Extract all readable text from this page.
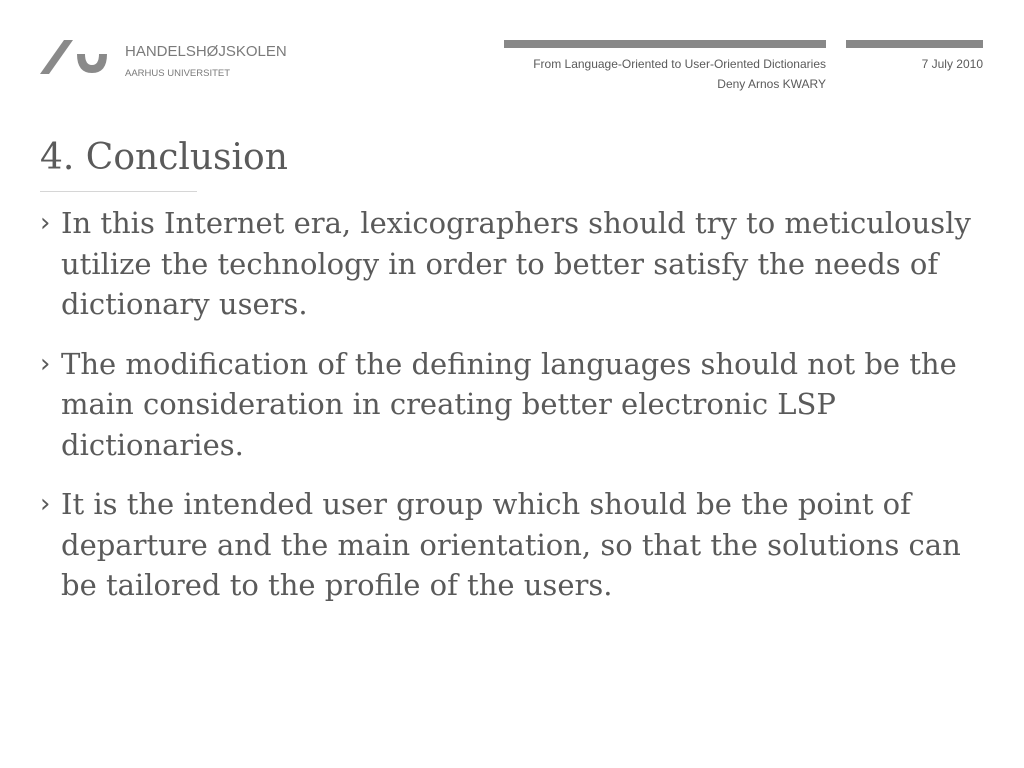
HANDELSHØJSKOLEN
AARHUS UNIVERSITET
From Language-Oriented to User-Oriented Dictionaries
Deny Arnos KWARY
7 July 2010
4. Conclusion
› In this Internet era, lexicographers should try to meticulously utilize the technology in order to better satisfy the needs of dictionary users.
› The modification of the defining languages should not be the main consideration in creating better electronic LSP dictionaries.
› It is the intended user group which should be the point of departure and the main orientation, so that the solutions can be tailored to the profile of the users.
